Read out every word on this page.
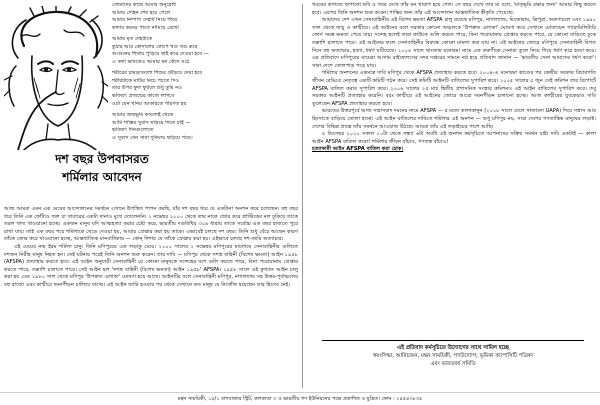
তোমাদের কাছে আমার অনুরোধ
আমার দেহিন শেষ হয়ে গেলে
আমার নিষ্পাণ দেহটি নিয়ে গিয়ে
কাদার করবর পাতে নামিয়ে রেখো
আমার মৃত দেহটাকে
কুঠার আর কোদালের কোপে খণ্ড খণ্ড করে
আগুনের শিখায় পুড়িয়ে ছাই করে দেওয়া হবে —
এ কথা ভাবতেও আমার মন কেঁদে ওঠে
শরীরের চামড়াগুলো শিশুর গুঁড়িয়ে দেয়া হবে
শরীরটাকে মাটির নিচে পচতে দিও
তার উপর ফুল ফুটলে শুধু তুমি নও
ভবিষ্যৎ প্রজন্মের কাজে লাগবে
ওটা যেন খনির আকরিকে পরিণত হয়
আমার জন্মভূমি কাংলেই থেকে
আমি শান্তির সুবাস ছড়িয়ে দিতে চাই —
ভবিষ্যৎ দিনগুলোতে
এ সুবাস যেন সারা দুনিয়ায় ছড়িয়ে পড়ে।
দশ বছর উপবাসরত
শর্মিলার আবেদন

আজ আমরা এমন এক মেয়ের আন্দোলনের সমর্থনে এখানে উপস্থিত পাপন করছি, যাঁর দশ বছর ধরে যে একটানা অনশন করে চলেছেন। বহু বছর ধরে তিনি এক ফোঁটাও জল বা খাবারের একটা দানাও মুখে তোলেননি। ২ নভেম্বর ২০০০ থেকে তার নাকে জোর করে প্লাস্টিকের নল ঢুকিয়ে তাকে তরল খাদ্য খাওয়ানো হচ্ছে। একজন মানুষ যদি আত্মহত্যা করার চেষ্টা করে, ভারতীয় দণ্ডবিধির ৩০৯ ধারায় তাকে সর্বোচ্চ এক বছর হাজতে পুরে রাখা যায়। তাই এক বছর পরে শর্মিলাকে ছেড়ে দেওয়া হয়, আবার গ্রেপ্তার করা হয় তাকে। এভাবেই চলছে দশ বছর। তিনি শুধু বেঁচে আছেন কারণ তাঁকে জোর করে খাওয়ানো হচ্ছে, আন্তর্জাতিক মানবাধিকার — কোন্ দিশায় যে তাঁকে গ্রেপ্তার করা হয়। এইভাবে চলছে দশ-বছরি অত্যাচার।

এই মেয়ের নাম ইরম শর্মিলা চানু। তিনি মণিপুরের এক লড়াকু মেয়ে। ২০০০ সালের ২ নভেম্বর মণিপুরের মালোমে সেনাবাহিনীর গুলিতে দশজন নিরীহ মানুষ নিহত হন। সেই ঘটনার পরেই তিনি অনশন শুরু করেন। তার দাবি — মণিপুর থেকে সশস্ত্র বাহিনী (বিশেষ ক্ষমতা) আইন ১৯৫৮ (AFSPA) প্রত্যাহার করতে হবে। এই আইন অনুযায়ী সেনাবাহিনী যে কোনো মানুষকে সন্দেহের বশে গুলি করতে পারে, বিনা পরোয়ানায় গ্রেপ্তার করতে পারে, তল্লাশি চালাতে পারে। সেই আইন হল 'সশস্ত্র বাহিনী (বিশেষ ক্ষমতা) আইন ১৯৫৮' AFSPA। ১৯৫৮ সালে এই কুখ্যাত আইন চালু করা হয় এবং ১৯৮০ সাল থেকে মণিপুর 'উপদ্রুত এলাকা' ঘোষণা হয়ে আছে। আইনটির বলে সেনাবাহিনী মণিপুর, নাগাল্যান্ড সহ উত্তর-পূর্বাঞ্চলের বহু রাজ্যে এবং কাশ্মীরে দমনপীড়ন চালিয়ে যাচ্ছে। এই আইন জারি হওয়ার পর থেকে সেখানে কত মানুষ যে নিখোঁজ হয়েছেন তার হিসেব নেই।

খবরের কাগজে ছাপানো ছবি ও খবর দেখে তাঁর মন খারাপ হয়ে গেল। সে বছর দেখে তার মা বলে, 'মাতৃভূমি রক্ষার জন্য' আমার কিছু করতে হবে। এরপর তিনি অনশন শুরু করেন। শান্তির জন্য তাঁর এই আন্দোলন আন্তর্জাতিক স্বীকৃতি পেয়েছে।

আমাদের দেশ এখন সেনাবাহিনীর এই বিশেষ ক্ষমতা AFSPA চালু রয়েছে মণিপুর, নাগাল্যান্ড, মিজোরাম, ত্রিপুরা, অরুণাচলে এবং ১৯৯০ সাল থেকে জম্মু ও কাশ্মীরে। এই আইনের বলে সরকার কোনো অঞ্চলকে 'উপদ্রুত এলাকা' ঘোষণা করে সেখানে মোতায়েন প্যারামিলিটারি ফোর্স সমস্ত ক্ষমতা পেয়ে যায়। সন্দেহ হলেই তারা কাউকে গুলি করতে পারে, বিনা পরোয়ানায় গ্রেপ্তার করতে পারে, যে কোনো বাড়িতে ঢুকে তল্লাশি চালাতে পারে। এই আইনের ফলে সেনাবাহিনীর বিরুদ্ধে কোনো মামলা করা যায় না। এই আইনের জোরে মণিপুরে সেনাবাহিনী বিগত দিনে বহু অত্যাচার, হত্যা, ধর্ষণ ঘটিয়েছে। ২০০৪ সালে থাংজাম মনোরমা নামে এক তরুণীকে সেনারা তুলে নিয়ে গিয়ে ধর্ষণ করে হত্যা করে। এর প্রতিবাদে মণিপুরের মায়েরা আসাম রাইফেলসের সদর দপ্তরের সামনে নগ্ন হয়ে প্রতিবাদ জানান — 'ভারতীয় সেনা আমাদের ধর্ষণ করো'। সারা দেশে তোলপাড় পড়ে যায়।

শর্মিলার অনশনের একমাত্র দাবি মণিপুর থেকে AFSPA প্রত্যাহার করতে হবে। ২০০৪-এ মনোরমা কাণ্ডের পর কেন্দ্রীয় সরকার বিচারপতি জীবন রেড্ডির নেতৃত্বে একটি কমিটি গঠন করে। সেই কমিটি আইনটি বাতিলের সুপারিশ করে। ২০০৫ সালের ৫ জুন সেই কমিশন তার রিপোর্টে AFSPA বাতিল করার সুপারিশ করে। ২০০৬ সালের ২৫ মার্চ দ্বিতীয় প্রশাসনিক সংস্কার কমিশনও এই আইন বাতিলের সুপারিশ করে। তবু সরকার আইনটি প্রত্যাহার করেনি। বরং কাশ্মীরে এই আইনের জোরে আরো দমনপীড়ন চালানো হচ্ছে। আজ কাশ্মীরের যুবকেরাও দাবি তুলেছেন AFSPA প্রত্যাহার করতে হবে।

ভারতের উত্তরপূর্বে আজ সন্ত্রাসবাদ দমনের নামে AFSPA — র মতো কালাকানুন (২০০৮ সালে ঢেলে সাজানো UAPA) দিয়ে সন্ত্রাস আর হিংসাকে বাড়িয়ে তোলা হচ্ছে। এই আইন বাতিলের দাবিতে শর্মিলার এই অনশন — শুধু মণিপুর নয়, সারা দেশের গণতান্ত্রিক মানুষের লড়াই। দেশের বিভিন্ন প্রান্তে তাঁর সমর্থনে আওয়াজ উঠছে। আমরা তাঁর এই লড়াইয়ের পাশে আছি।

৫ ডিসেম্বর ২০১০ সকাল ১০টা থেকে সন্ধ্যা ৬টা অবধি এই অনশন কর্মসূচিতে আপনাদের সক্রিয় সমর্থন চাই। দাবি একটাই — কালা আইন AFSPA বাতিল করো! শর্মিলার জীবন বাঁচাও, গণতন্ত্র বাঁচাও!

হত্যাকারী আইন AFSPA বাতিল করা হোক।

এই প্রতিবাদ কর্মসূচিতে উদ্যোগের সাথে সামিল হচ্ছে
স্বয়ংসিদ্ধা, আরিচজন, মন্থন সাময়িকী, গণউদ্যোগ, ভূমিকা ক্যাপাসিটি পত্রিকা
এবং ভারতবর্ষ সমিতি
মন্থন সাময়িকী, ১৫/১ বাগবাজার স্ট্রিট, কলকাতা ৩ ও ভারতীয় গণ ইউনিয়নের পক্ষে প্রকাশিত ও মুদ্রিত। ফোন : ২৫৫৪৩৮৩৫
